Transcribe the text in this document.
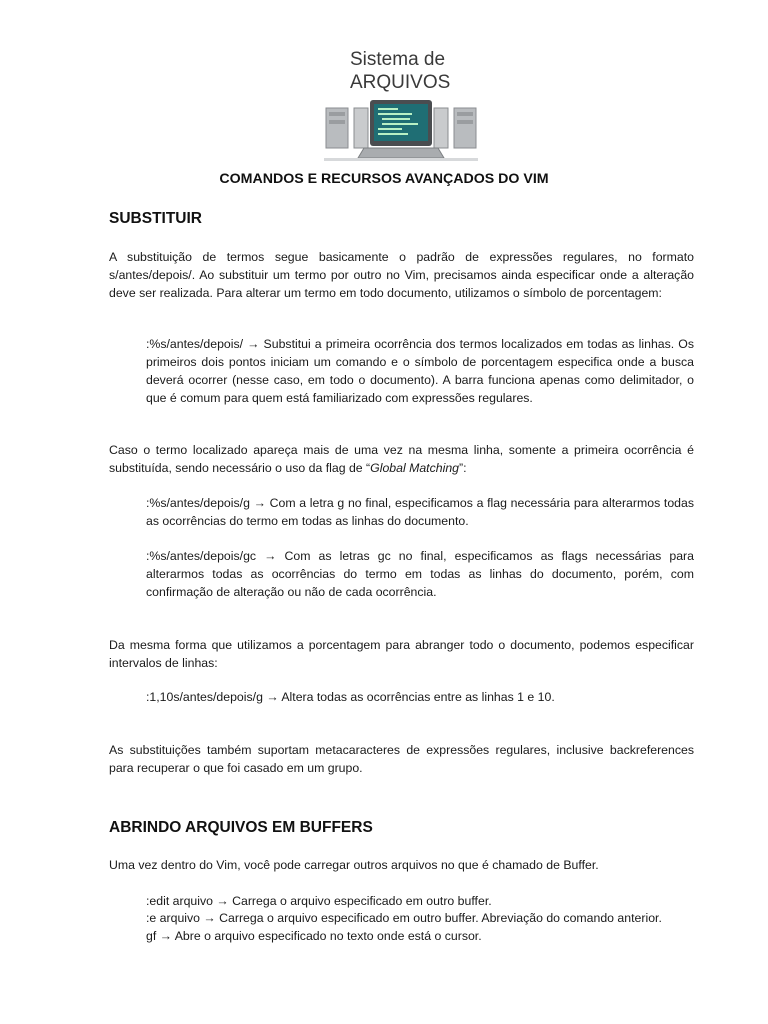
Sistema de
ARQUIVOS
COMANDOS E RECURSOS AVANÇADOS DO VIM
SUBSTITUIR

A substituição de termos segue basicamente o padrão de expressões regulares, no formato s/antes/depois/. Ao substituir um termo por outro no Vim, precisamos ainda especificar onde a alteração deve ser realizada. Para alterar um termo em todo documento, utilizamos o símbolo de porcentagem:

:%s/antes/depois/ → Substitui a primeira ocorrência dos termos localizados em todas as linhas. Os primeiros dois pontos iniciam um comando e o símbolo de porcentagem especifica onde a busca deverá ocorrer (nesse caso, em todo o documento). A barra funciona apenas como delimitador, o que é comum para quem está familiarizado com expressões regulares.

Caso o termo localizado apareça mais de uma vez na mesma linha, somente a primeira ocorrência é substituída, sendo necessário o uso da flag de “Global Matching”:

:%s/antes/depois/g → Com a letra g no final, especificamos a flag necessária para alterarmos todas as ocorrências do termo em todas as linhas do documento.

:%s/antes/depois/gc → Com as letras gc no final, especificamos as flags necessárias para alterarmos todas as ocorrências do termo em todas as linhas do documento, porém, com confirmação de alteração ou não de cada ocorrência.

Da mesma forma que utilizamos a porcentagem para abranger todo o documento, podemos especificar intervalos de linhas:

:1,10s/antes/depois/g → Altera todas as ocorrências entre as linhas 1 e 10.

As substituições também suportam metacaracteres de expressões regulares, inclusive backreferences para recuperar o que foi casado em um grupo.

ABRINDO ARQUIVOS EM BUFFERS

Uma vez dentro do Vim, você pode carregar outros arquivos no que é chamado de Buffer.

:edit arquivo → Carrega o arquivo especificado em outro buffer.
:e arquivo → Carrega o arquivo especificado em outro buffer. Abreviação do comando anterior.
gf → Abre o arquivo especificado no texto onde está o cursor.
